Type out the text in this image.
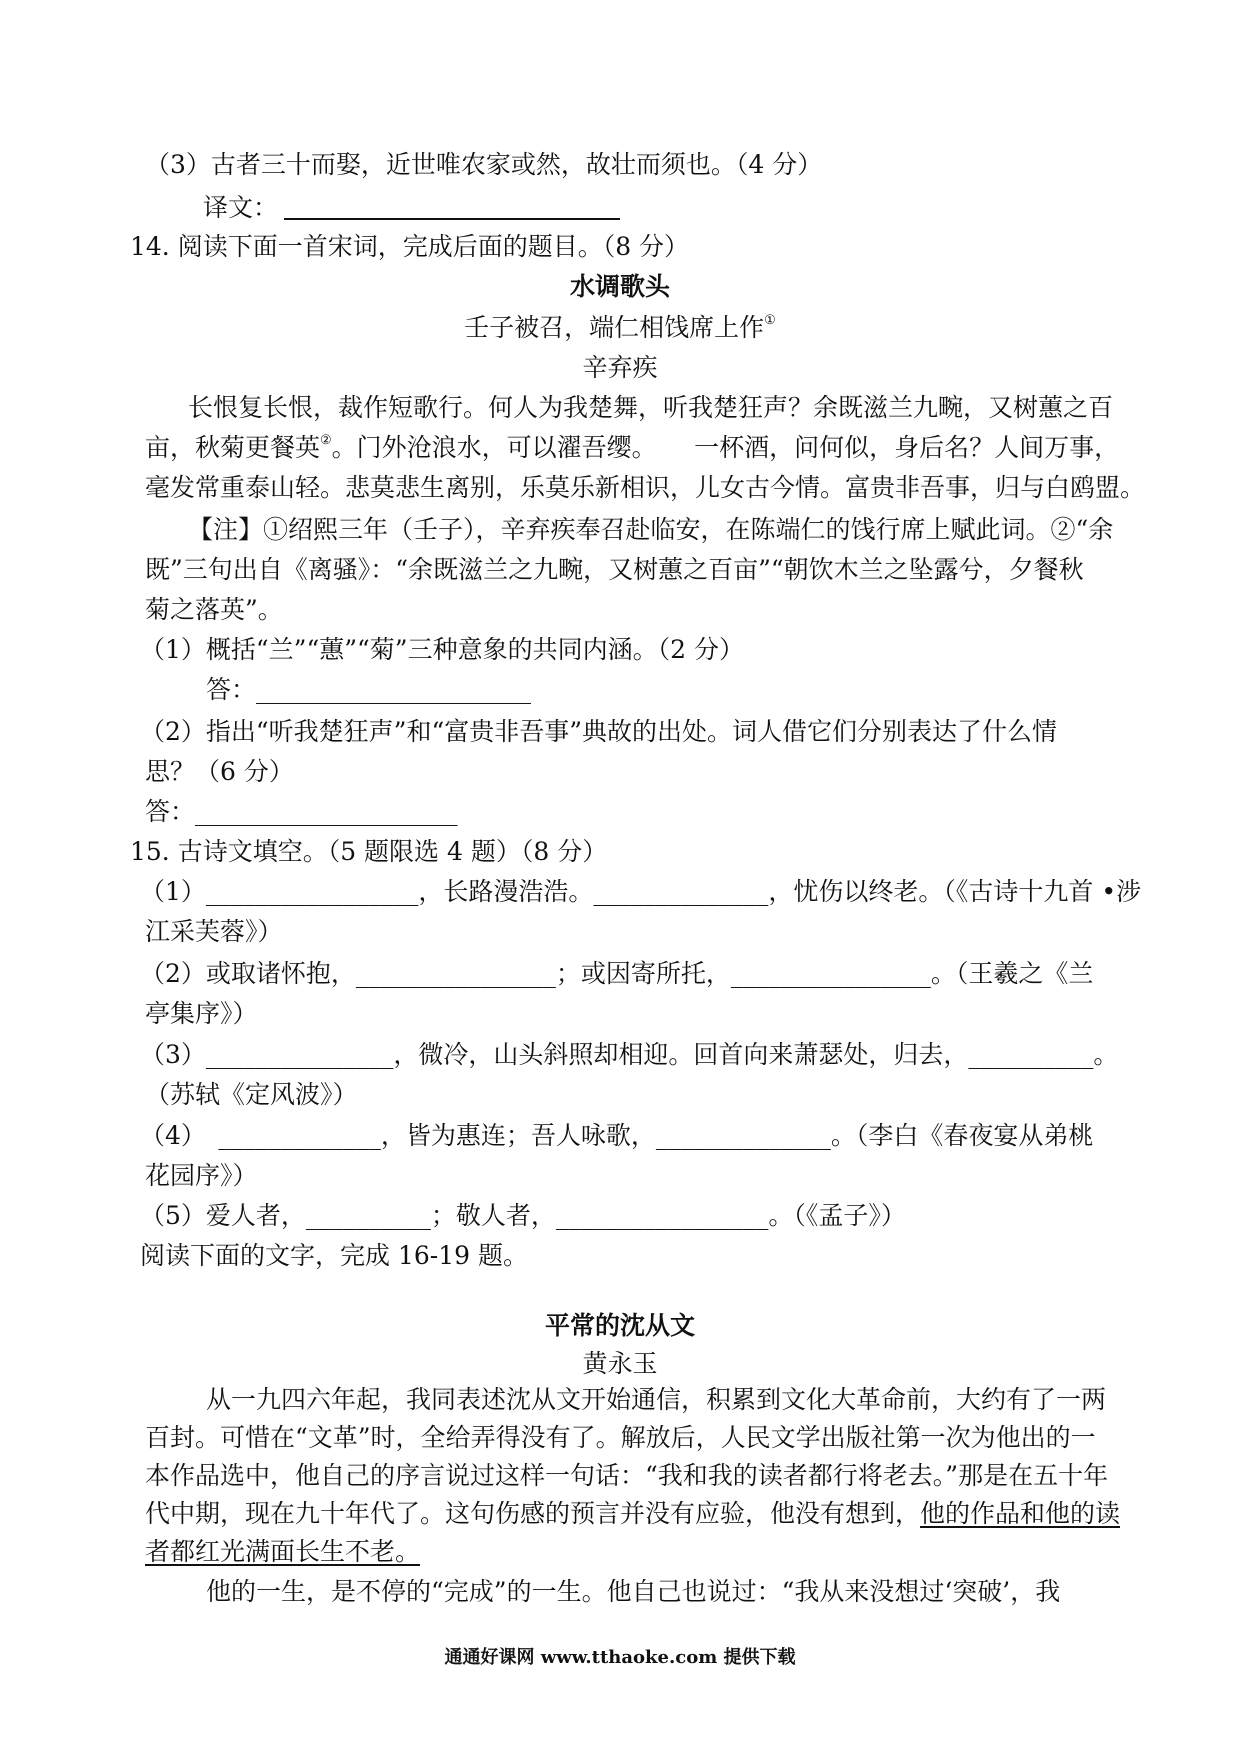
（3）古者三十而娶，近世唯农家或然，故壮而须也。（4 分）
译文：
14. 阅读下面一首宋词，完成后面的题目。（8 分）
水调歌头
壬子被召，端仁相饯席上作①
辛弃疾
长恨复长恨，裁作短歌行。何人为我楚舞，听我楚狂声？余既滋兰九畹，又树蕙之百
亩，秋菊更餐英②。门外沧浪水，可以濯吾缨。　　一杯酒，问何似，身后名？人间万事，
毫发常重泰山轻。悲莫悲生离别，乐莫乐新相识，儿女古今情。富贵非吾事，归与白鸥盟。
【注】①绍熙三年（壬子），辛弃疾奉召赴临安，在陈端仁的饯行席上赋此词。②“余
既”三句出自《离骚》：“余既滋兰之九畹，又树蕙之百亩”“朝饮木兰之坠露兮，夕餐秋
菊之落英”。
（1）概括“兰”“蕙”“菊”三种意象的共同内涵。（2 分）
答：______________________
（2）指出“听我楚狂声”和“富贵非吾事”典故的出处。词人借它们分别表达了什么情
思？（6 分）
答：_____________________
15. 古诗文填空。（5 题限选 4 题）（8 分）
（1）_________________，长路漫浩浩。______________，忧伤以终老。（《古诗十九首 •涉
江采芙蓉》）
（2）或取诸怀抱，________________；或因寄所托，________________。（王羲之《兰
亭集序》）
（3）_______________，微冷，山头斜照却相迎。回首向来萧瑟处，归去，__________。
（苏轼《定风波》）
（4）　_____________，皆为惠连；吾人咏歌，______________。（李白《春夜宴从弟桃
花园序》）
（5）爱人者，__________；敬人者，_________________。（《孟子》）
阅读下面的文字，完成 16-19 题。
平常的沈从文
黄永玉
从一九四六年起，我同表述沈从文开始通信，积累到文化大革命前，大约有了一两
百封。可惜在“文革”时，全给弄得没有了。解放后，人民文学出版社第一次为他出的一
本作品选中，他自己的序言说过这样一句话：“我和我的读者都行将老去。”那是在五十年
代中期，现在九十年代了。这句伤感的预言并没有应验，他没有想到，他的作品和他的读
者都红光满面长生不老。
他的一生，是不停的“完成”的一生。他自己也说过：“我从来没想过‘突破’，我
通通好课网 www.tthaoke.com 提供下载
